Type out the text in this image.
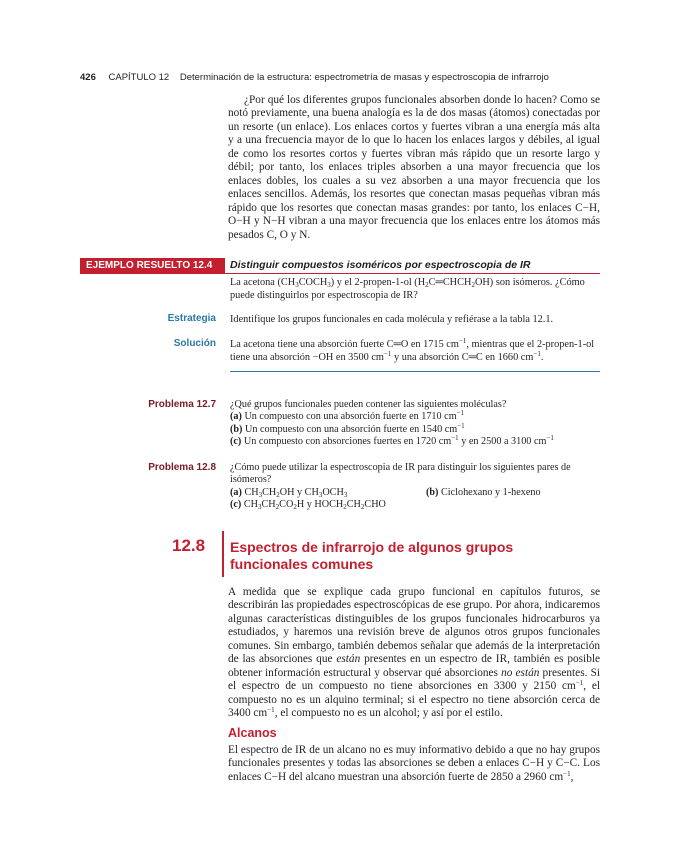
426 CAPÍTULO 12 Determinación de la estructura: espectrometría de masas y espectroscopia de infrarrojo

¿Por qué los diferentes grupos funcionales absorben donde lo hacen? Como se notó previamente, una buena analogía es la de dos masas (átomos) conectadas por un resorte (un enlace). Los enlaces cortos y fuertes vibran a una energía más alta y a una frecuencia mayor de lo que lo hacen los enlaces largos y débiles, al igual de como los resortes cortos y fuertes vibran más rápido que un resorte largo y débil; por tanto, los enlaces triples absorben a una mayor frecuencia que los enlaces dobles, los cuales a su vez absorben a una mayor frecuencia que los enlaces sencillos. Además, los resortes que conectan masas pequeñas vibran más rápido que los resortes que conectan masas grandes: por tanto, los enlaces C−H, O−H y N−H vibran a una mayor frecuencia que los enlaces entre los átomos más pesados C, O y N.

EJEMPLO RESUELTO 12.4	Distinguir compuestos isoméricos por espectroscopia de IR
La acetona $(CH_3COCH_3)$ y el 2-propen-1-ol $(H_2C═CHCH_2OH)$ son isómeros. ¿Cómo puede distinguirlos por espectroscopia de IR?
Estrategia Identifique los grupos funcionales en cada molécula y refiérase a la tabla 12.1.
Solución La acetona tiene una absorción fuerte C═O en 1715 $cm^{-1}$, mientras que el 2-propen-1-ol tiene una absorción −OH en 3500 $cm^{-1}$ y una absorción C═C en 1660 $cm^{-1}$.
Problema 12.7 ¿Qué grupos funcionales pueden contener las siguientes moléculas?
(a) Un compuesto con una absorción fuerte en 1710 $cm^{-1}$
(b) Un compuesto con una absorción fuerte en 1540 $cm^{-1}$
(c) Un compuesto con absorciones fuertes en 1720 $cm^{-1}$ y en 2500 a 3100 $cm^{-1}$
Problema 12.8 ¿Cómo puede utilizar la espectroscopia de IR para distinguir los siguientes pares de isómeros?
(a) $CH_3CH_2OH$ y $CH_3OCH_3$	(b) Ciclohexano y 1-hexeno
(c) $CH_3CH_2CO_2H$ y $HOCH_2CH_2CHO$
12.8 Espectros de infrarrojo de algunos grupos funcionales comunes

A medida que se explique cada grupo funcional en capítulos futuros, se describirán las propiedades espectroscópicas de ese grupo. Por ahora, indicaremos algunas características distinguibles de los grupos funcionales hidrocarburos ya estudiados, y haremos una revisión breve de algunos otros grupos funcionales comunes. Sin embargo, también debemos señalar que además de la interpretación de las absorciones que están presentes en un espectro de IR, también es posible obtener información estructural y observar qué absorciones no están presentes. Si el espectro de un compuesto no tiene absorciones en 3300 y 2150 $cm^{-1}$, el compuesto no es un alquino terminal; si el espectro no tiene absorción cerca de 3400 $cm^{-1}$, el compuesto no es un alcohol; y así por el estilo.

Alcanos

El espectro de IR de un alcano no es muy informativo debido a que no hay grupos funcionales presentes y todas las absorciones se deben a enlaces C−H y C−C. Los enlaces C−H del alcano muestran una absorción fuerte de 2850 a 2960 $cm^{-1}$,
